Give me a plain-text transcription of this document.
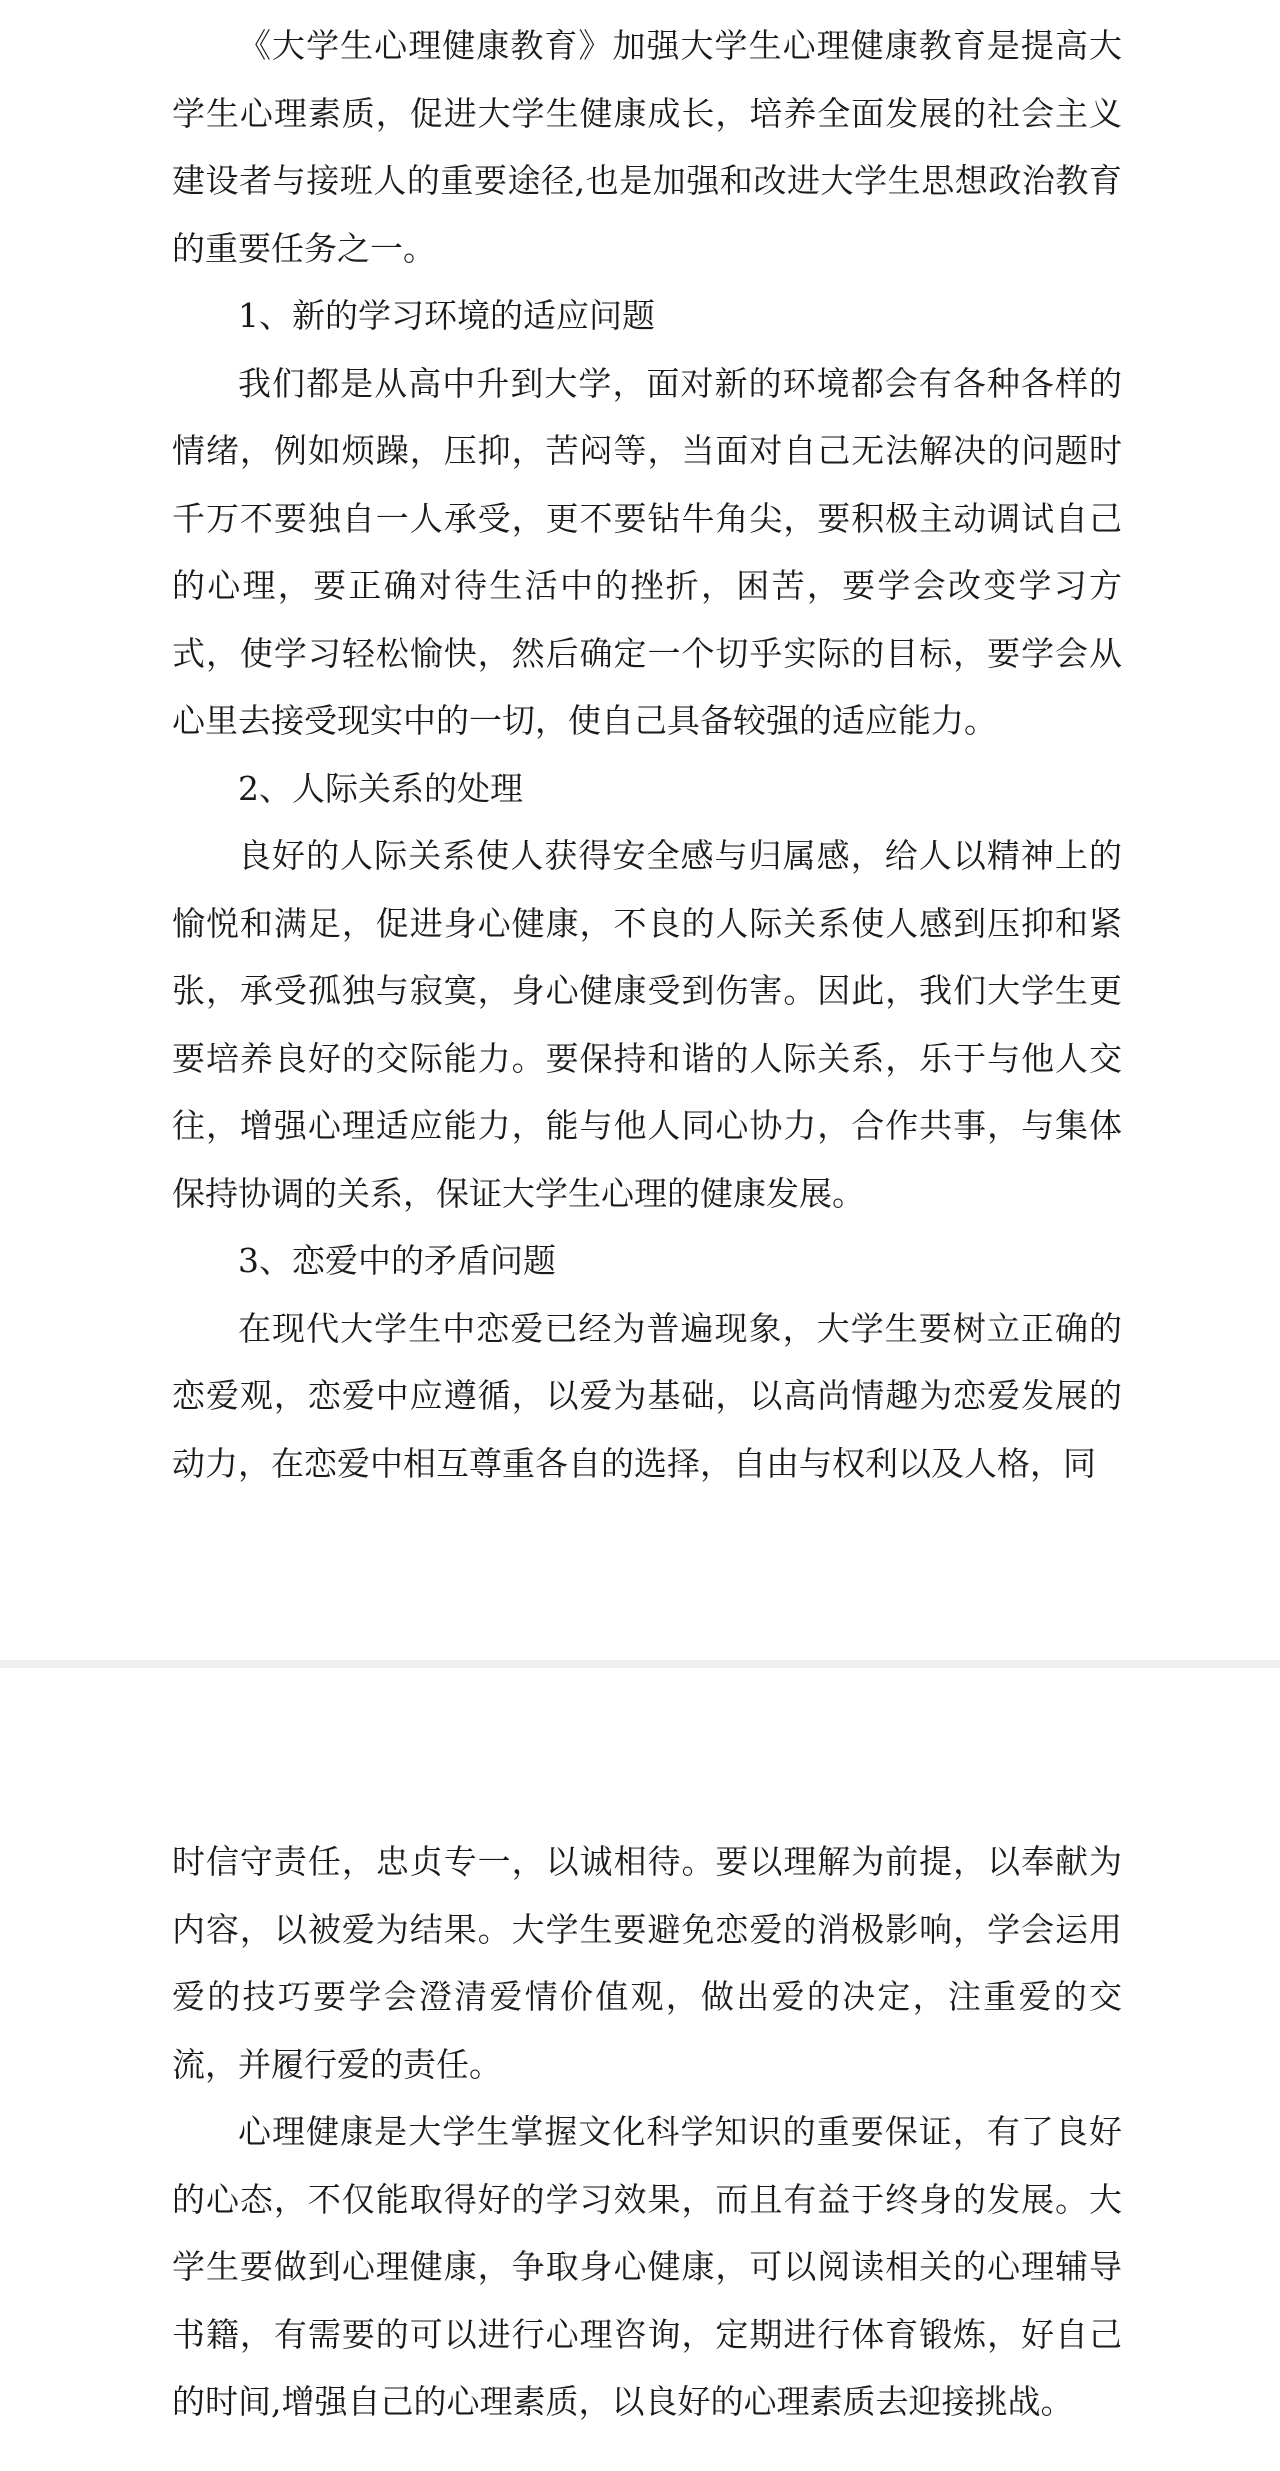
《大学生心理健康教育》加强大学生心理健康教育是提高大学生心理素质，促进大学生健康成长，培养全面发展的社会主义建设者与接班人的重要途径,也是加强和改进大学生思想政治教育的重要任务之一。

1、新的学习环境的适应问题

我们都是从高中升到大学，面对新的环境都会有各种各样的情绪，例如烦躁，压抑，苦闷等，当面对自己无法解决的问题时千万不要独自一人承受，更不要钻牛角尖，要积极主动调试自己的心理，要正确对待生活中的挫折，困苦，要学会改变学习方式，使学习轻松愉快，然后确定一个切乎实际的目标，要学会从心里去接受现实中的一切，使自己具备较强的适应能力。

2、人际关系的处理

良好的人际关系使人获得安全感与归属感，给人以精神上的愉悦和满足，促进身心健康，不良的人际关系使人感到压抑和紧张，承受孤独与寂寞，身心健康受到伤害。因此，我们大学生更要培养良好的交际能力。要保持和谐的人际关系，乐于与他人交往，增强心理适应能力，能与他人同心协力，合作共事，与集体保持协调的关系，保证大学生心理的健康发展。

3、恋爱中的矛盾问题

在现代大学生中恋爱已经为普遍现象，大学生要树立正确的恋爱观，恋爱中应遵循，以爱为基础，以高尚情趣为恋爱发展的动力，在恋爱中相互尊重各自的选择，自由与权利以及人格，同

时信守责任，忠贞专一，以诚相待。要以理解为前提，以奉献为内容，以被爱为结果。大学生要避免恋爱的消极影响，学会运用爱的技巧要学会澄清爱情价值观，做出爱的决定，注重爱的交流，并履行爱的责任。

心理健康是大学生掌握文化科学知识的重要保证，有了良好的心态，不仅能取得好的学习效果，而且有益于终身的发展。大学生要做到心理健康，争取身心健康，可以阅读相关的心理辅导书籍，有需要的可以进行心理咨询，定期进行体育锻炼，好自己的时间,增强自己的心理素质，以良好的心理素质去迎接挑战。
